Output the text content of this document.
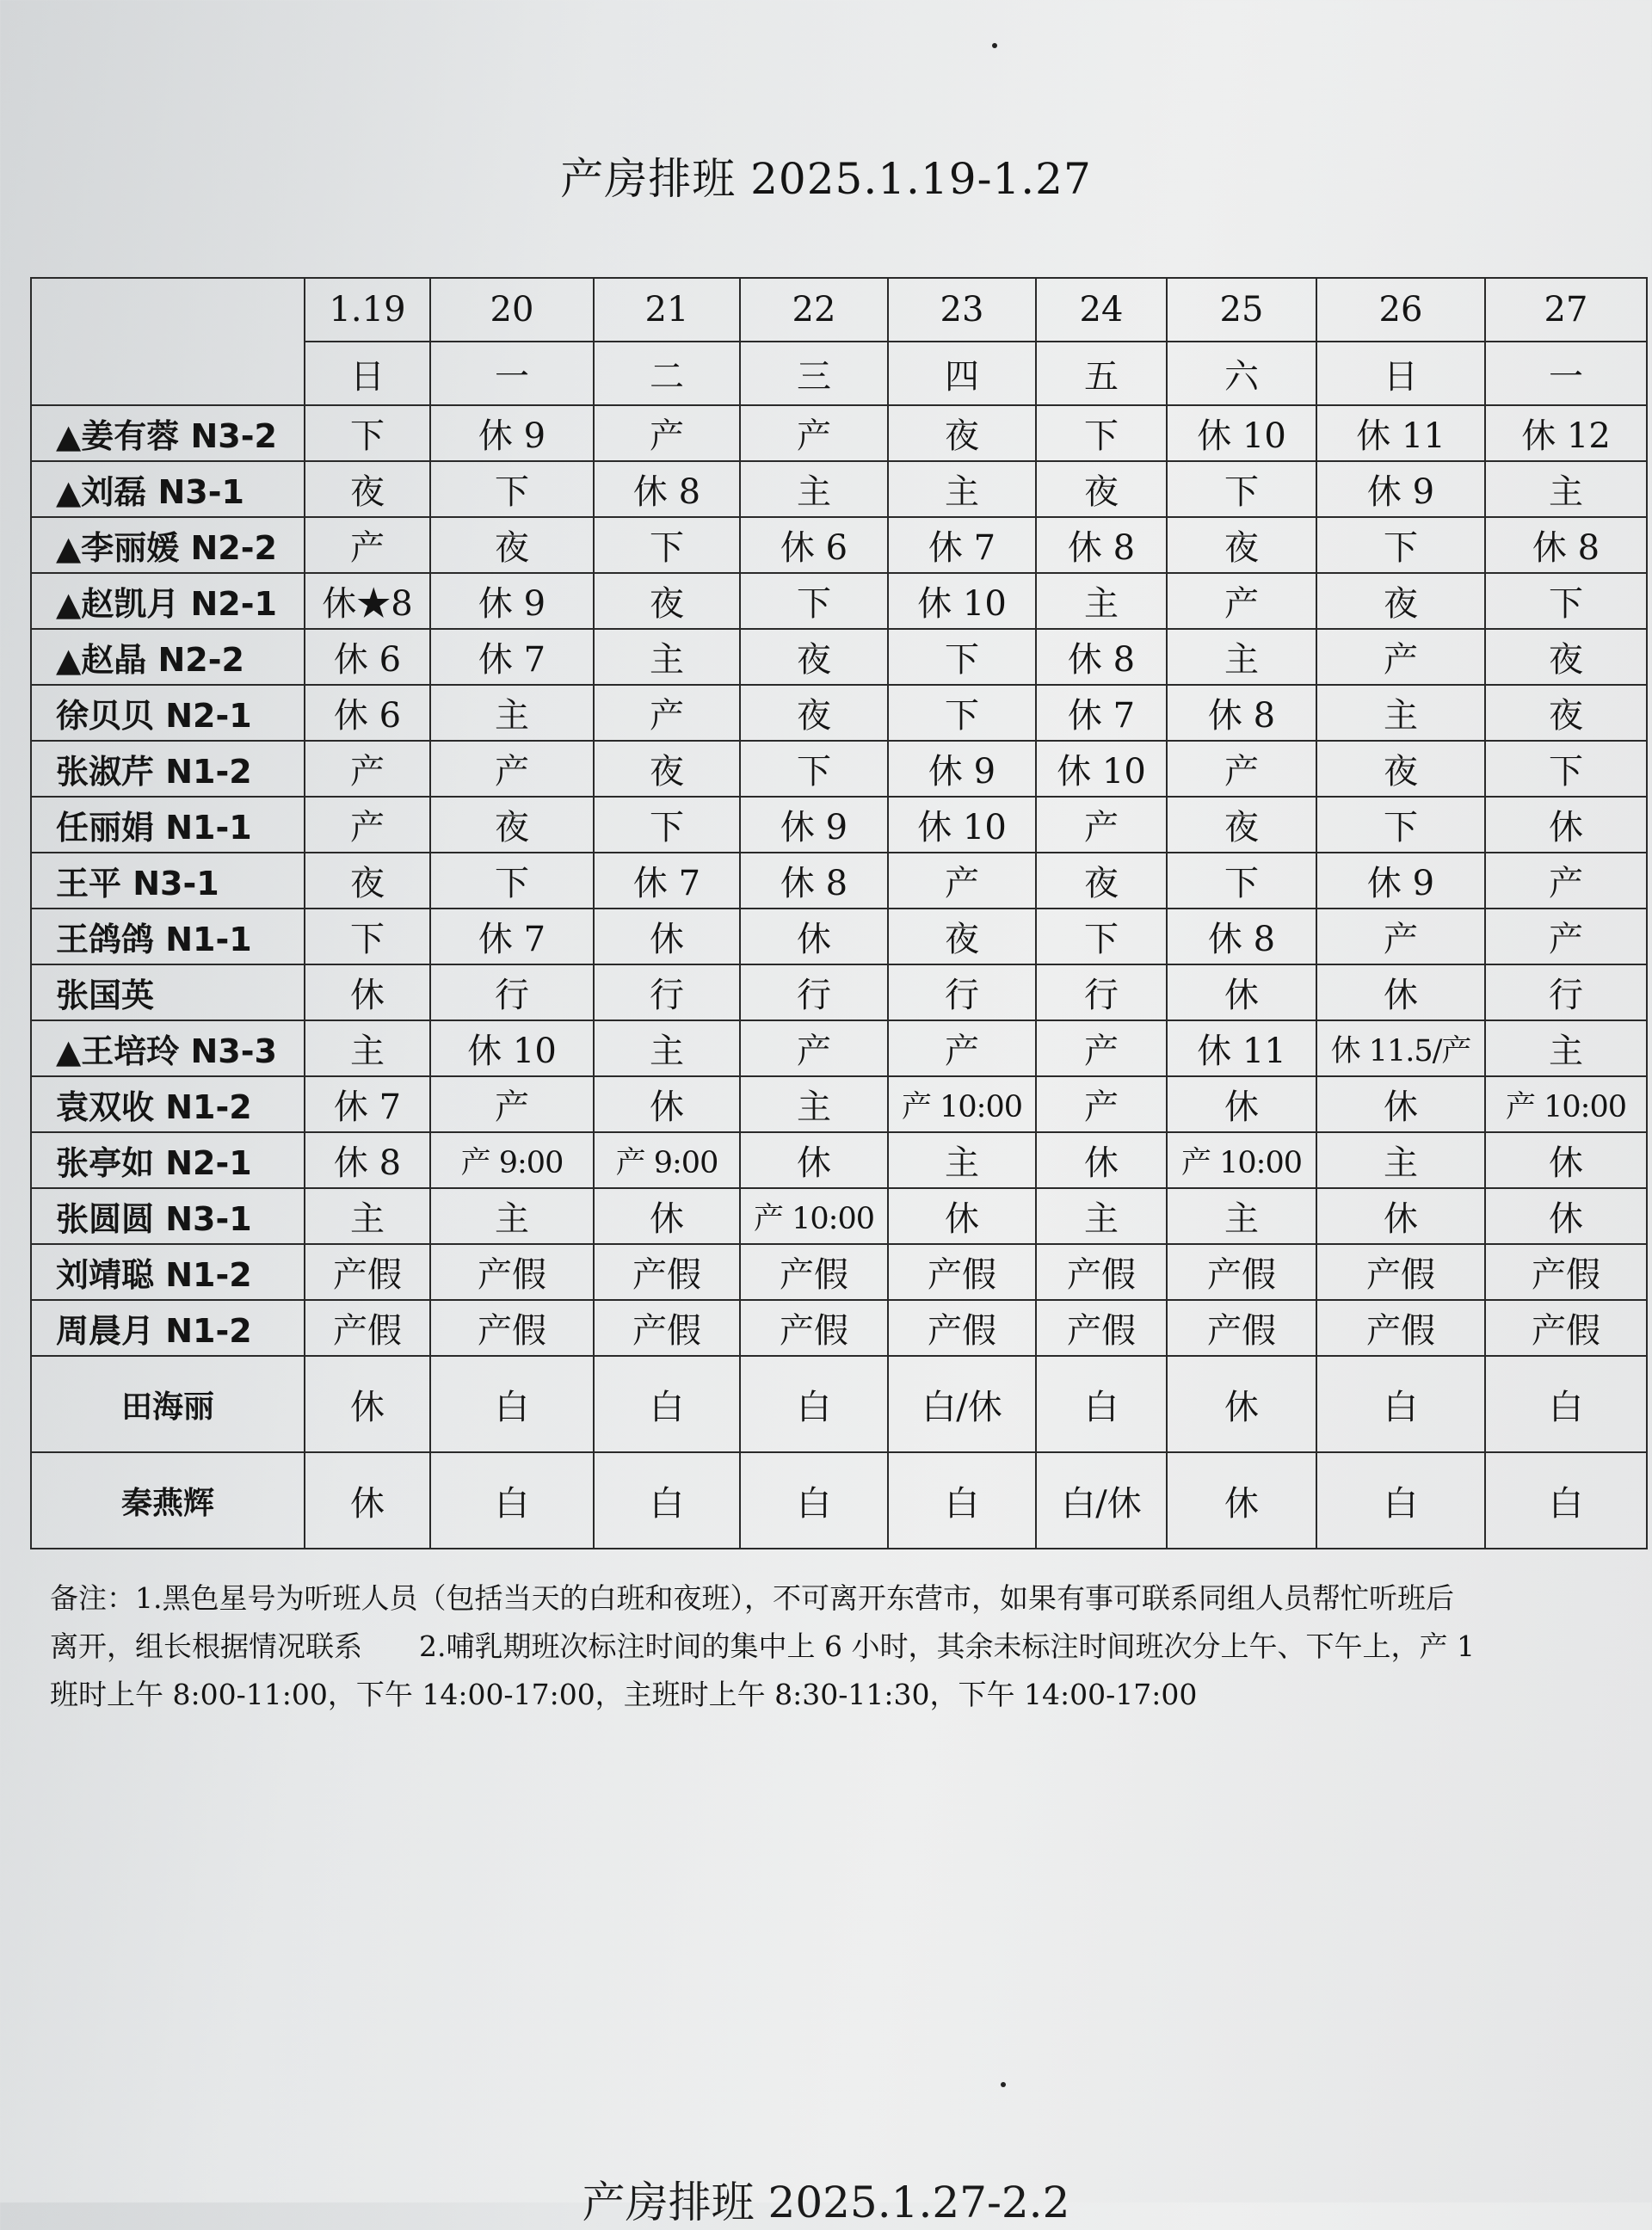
产房排班 2025.1.19-1.27
	1.19	20	21	22	23	24	25	26	27
	日	一	二	三	四	五	六	日	一
▲姜有蓉 N3-2	下	休 9	产	产	夜	下	休 10	休 11	休 12
▲刘磊 N3-1	夜	下	休 8	主	主	夜	下	休 9	主
▲李丽媛 N2-2	产	夜	下	休 6	休 7	休 8	夜	下	休 8
▲赵凯月 N2-1	休★8	休 9	夜	下	休 10	主	产	夜	下
▲赵晶 N2-2	休 6	休 7	主	夜	下	休 8	主	产	夜
徐贝贝 N2-1	休 6	主	产	夜	下	休 7	休 8	主	夜
张淑芹 N1-2	产	产	夜	下	休 9	休 10	产	夜	下
任丽娟 N1-1	产	夜	下	休 9	休 10	产	夜	下	休
王平 N3-1	夜	下	休 7	休 8	产	夜	下	休 9	产
王鸽鸽 N1-1	下	休 7	休	休	夜	下	休 8	产	产
张国英	休	行	行	行	行	行	休	休	行
▲王培玲 N3-3	主	休 10	主	产	产	产	休 11	休 11.5/产	主
袁双收 N1-2	休 7	产	休	主	产 10:00	产	休	休	产 10:00
张亭如 N2-1	休 8	产 9:00	产 9:00	休	主	休	产 10:00	主	休
张圆圆 N3-1	主	主	休	产 10:00	休	主	主	休	休
刘靖聪 N1-2	产假	产假	产假	产假	产假	产假	产假	产假	产假
周晨月 N1-2	产假	产假	产假	产假	产假	产假	产假	产假	产假
田海丽	休	白	白	白	白/休	白	休	白	白
秦燕辉	休	白	白	白	白	白/休	休	白	白
备注：1.黑色星号为听班人员（包括当天的白班和夜班），不可离开东营市，如果有事可联系同组人员帮忙听班后
离开，组长根据情况联系　　2.哺乳期班次标注时间的集中上 6 小时，其余未标注时间班次分上午、下午上，产 1
班时上午 8:00-11:00，下午 14:00-17:00，主班时上午 8:30-11:30，下午 14:00-17:00
产房排班 2025.1.27-2.2
